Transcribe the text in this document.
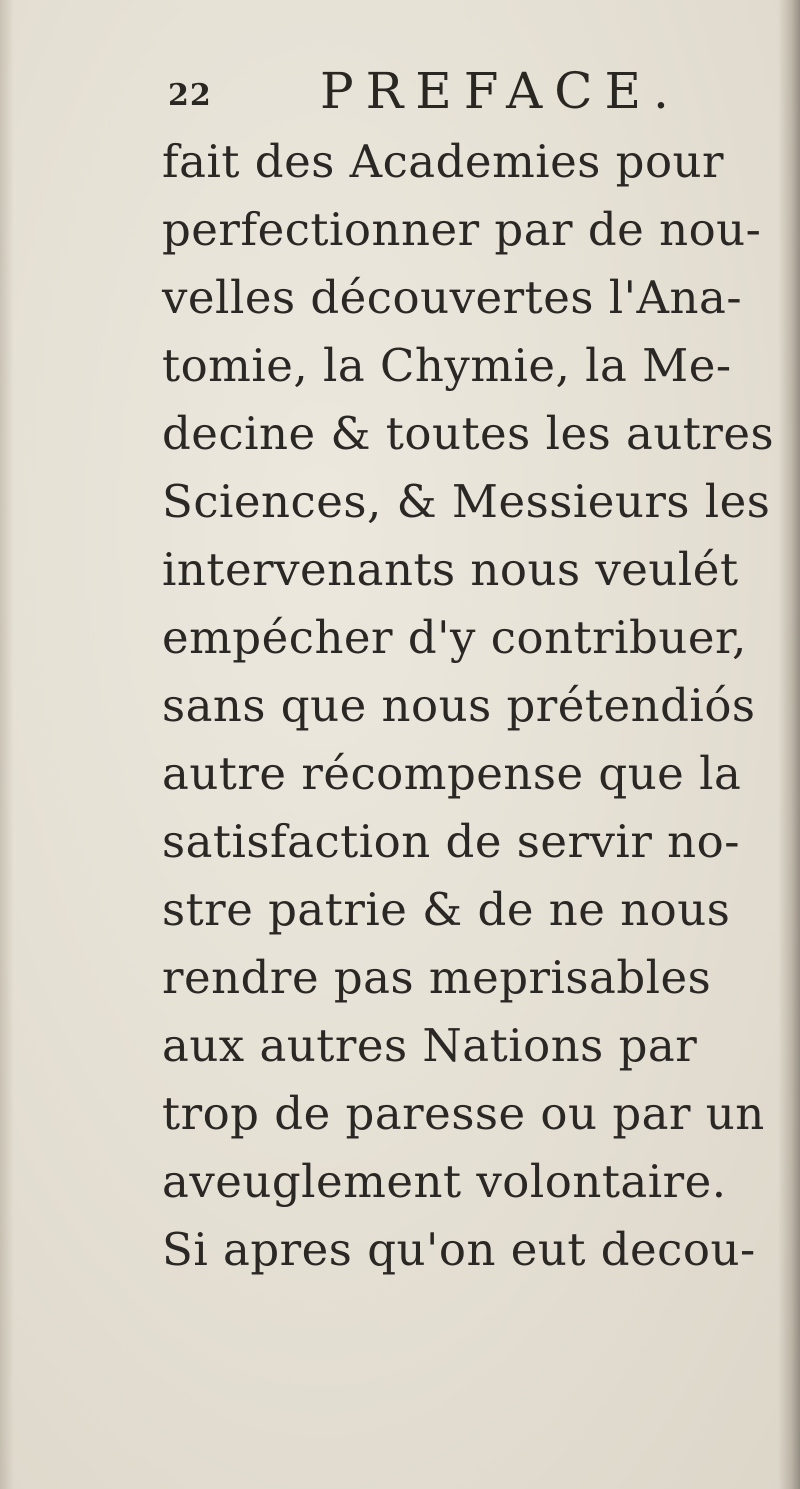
22 PREFACE.
fait des Academies pour
perfectionner par de nou-
velles découvertes l'Ana-
tomie, la Chymie, la Me-
decine & toutes les autres
Sciences, & Messieurs les
intervenants nous veulét
empécher d'y contribuer,
sans que nous prétendiós
autre récompense que la
satisfaction de servir no-
stre patrie & de ne nous
rendre pas meprisables
aux autres Nations par
trop de paresse ou par un
aveuglement volontaire.
Si apres qu'on eut decou-
